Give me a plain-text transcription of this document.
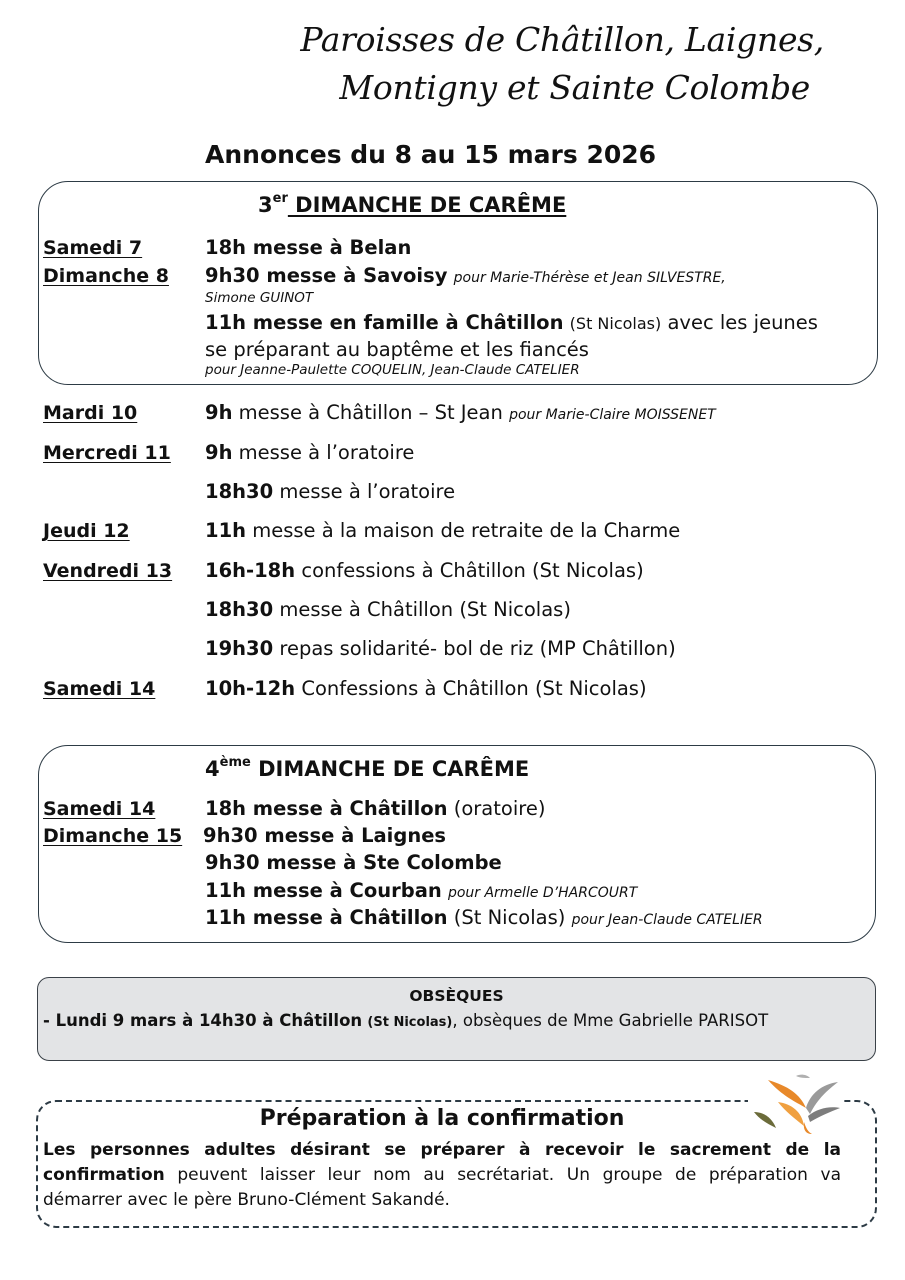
Paroisses de Châtillon, Laignes,
Montigny et Sainte Colombe
Annonces du 8 au 15 mars 2026
3er DIMANCHE DE CARÊME
Samedi 7	18h messe à Belan
Dimanche 8 9h30 messe à Savoisy pour Marie-Thérèse et Jean SILVESTRE,
Simone GUINOT
11h messe en famille à Châtillon (St Nicolas) avec les jeunes
se préparant au baptême et les fiancés
pour Jeanne-Paulette COQUELIN, Jean-Claude CATELIER
Mardi 10	9h messe à Châtillon – St Jean pour Marie-Claire MOISSENET
Mercredi 11 9h messe à l’oratoire
18h30 messe à l’oratoire
Jeudi 12	11h messe à la maison de retraite de la Charme
Vendredi 13 16h-18h confessions à Châtillon (St Nicolas)
18h30 messe à Châtillon (St Nicolas)
19h30 repas solidarité- bol de riz (MP Châtillon)
Samedi 14	10h-12h Confessions à Châtillon (St Nicolas)
4ème DIMANCHE DE CARÊME
Samedi 14	18h messe à Châtillon (oratoire)
Dimanche 15 9h30 messe à Laignes
9h30 messe à Ste Colombe
11h messe à Courban pour Armelle D’HARCOURT
11h messe à Châtillon (St Nicolas) pour Jean-Claude CATELIER
OBSÈQUES
- Lundi 9 mars à 14h30 à Châtillon (St Nicolas), obsèques de Mme Gabrielle PARISOT
Préparation à la confirmation
Les personnes adultes désirant se préparer à recevoir le sacrement de la confirmation peuvent laisser leur nom au secrétariat. Un groupe de préparation va démarrer avec le père Bruno-Clément Sakandé.
